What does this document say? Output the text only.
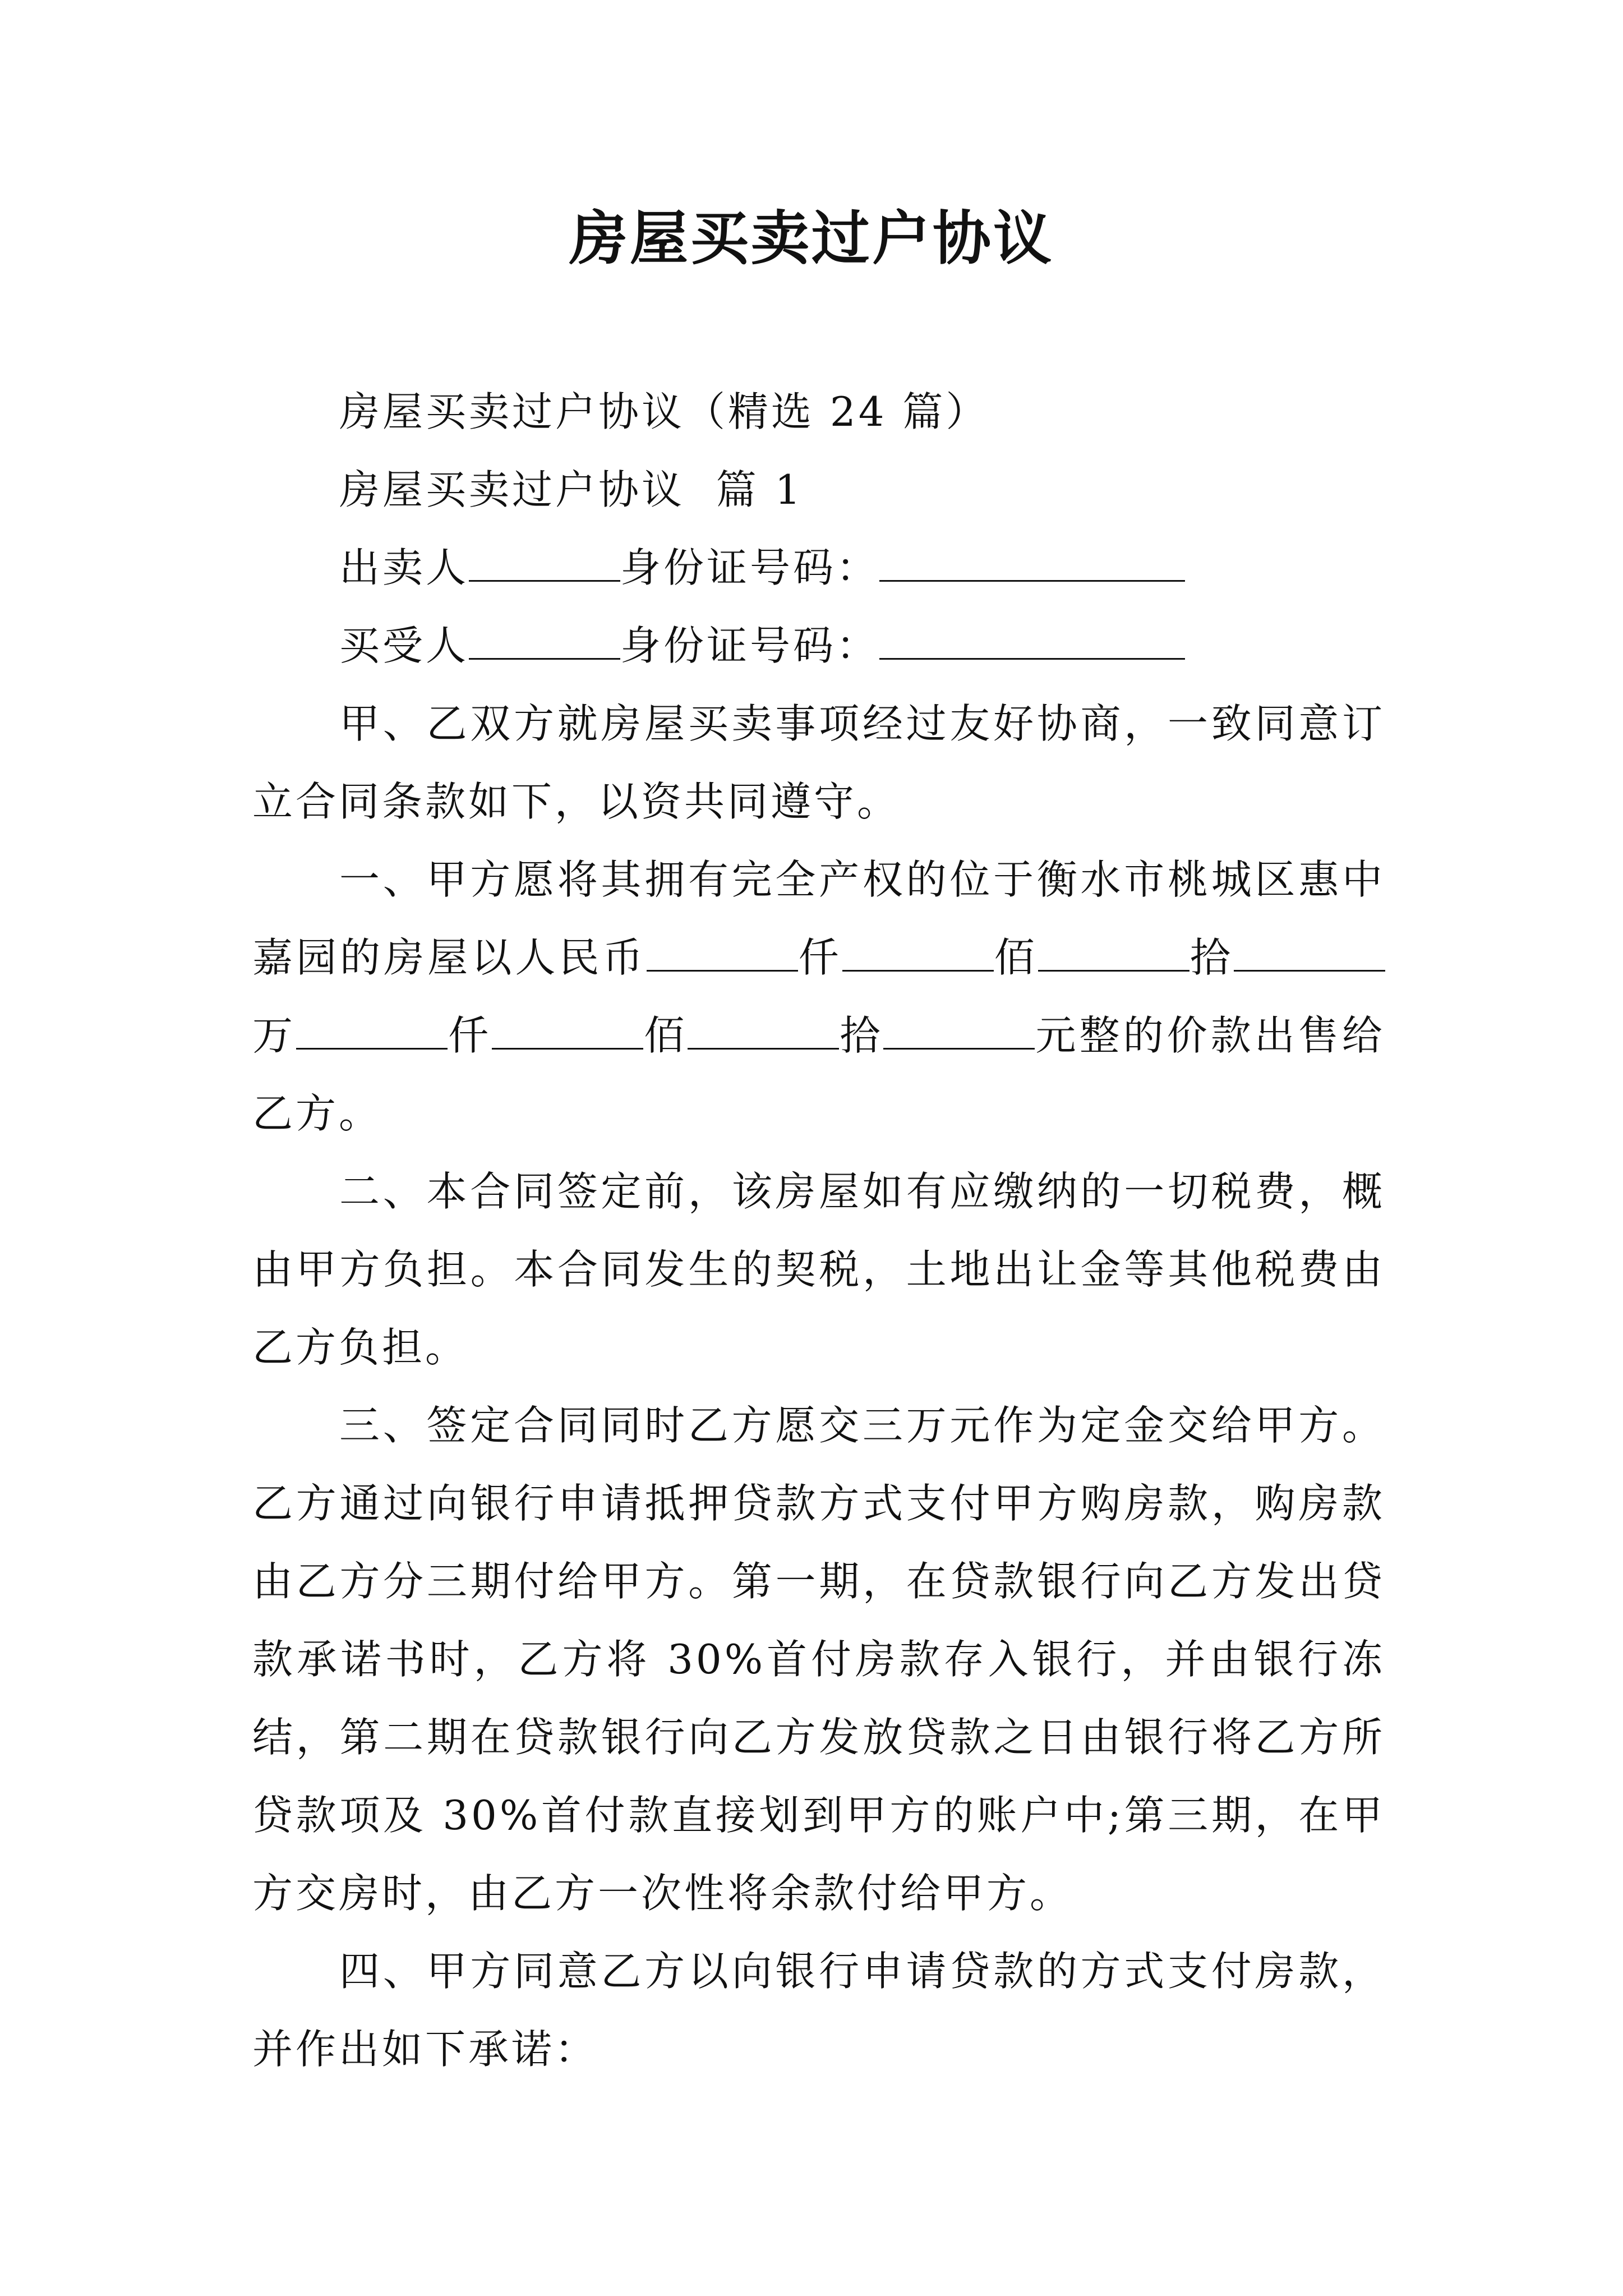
房屋买卖过户协议

房屋买卖过户协议（精选 24 篇）

房屋买卖过户协议 篇 1

出卖人	身份证号码：

买受人	身份证号码：

甲、乙双方就房屋买卖事项经过友好协商，一致同意订立合同条款如下，以资共同遵守。

一、甲方愿将其拥有完全产权的位于衡水市桃城区惠中嘉园的房屋以人民币	仟	佰	拾万	仟	佰	拾	元整的价款出售给乙方。

二、本合同签定前，该房屋如有应缴纳的一切税费，概由甲方负担。本合同发生的契税，土地出让金等其他税费由乙方负担。

三、签定合同同时乙方愿交三万元作为定金交给甲方。乙方通过向银行申请抵押贷款方式支付甲方购房款，购房款由乙方分三期付给甲方。第一期，在贷款银行向乙方发出贷款承诺书时，乙方将 30%首付房款存入银行，并由银行冻结，第二期在贷款银行向乙方发放贷款之日由银行将乙方所贷款项及 30%首付款直接划到甲方的账户中;第三期，在甲方交房时，由乙方一次性将余款付给甲方。

四、甲方同意乙方以向银行申请贷款的方式支付房款，并作出如下承诺：
